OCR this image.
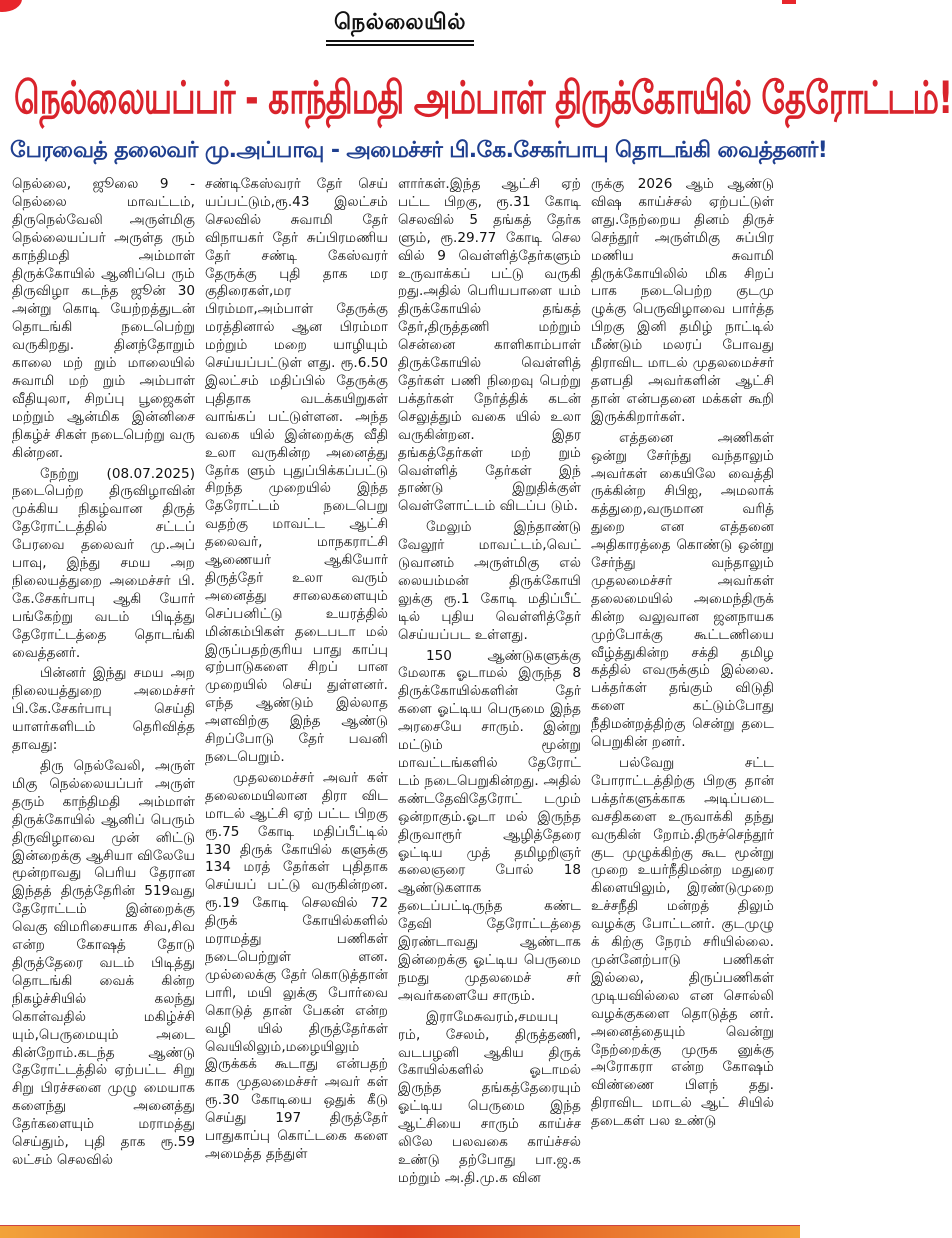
நெல்லையில்
நெல்லையப்பர் - காந்திமதி அம்பாள் திருக்கோயில் தேரோட்டம்!
பேரவைத் தலைவர் மு.அப்பாவு - அமைச்சர் பி.கே.சேகர்பாபு தொடங்கி வைத்தனர்!

நெல்லை, ஜூலை 9 - நெல்லை மாவட்டம், திருநெல்வேலி அருள்மிகு நெல்லையப்பர் அருள்த ரும் காந்திமதி அம்மாள் திருக்கோயில் ஆனிப்பெ ரும் திருவிழா கடந்த ஜூன் 30 அன்று கொடி யேற்றத்துடன் தொடங்கி நடைபெற்று வருகிறது. தினந்தோறும் காலை மற் றும் மாலையில் சுவாமி மற் றும் அம்பாள் வீதியுலா, சிறப்பு பூஜைகள் மற்றும் ஆன்மிக இன்னிசை நிகழ்ச் சிகள் நடைபெற்று வரு கின்றன.

நேற்று (08.07.2025) நடைபெற்ற திருவிழாவின் முக்கிய நிகழ்வான திருத் தேரோட்டத்தில் சட்டப் பேரவை தலைவர் மு.அப் பாவு, இந்து சமய அற நிலையத்துறை அமைச்சர் பி. கே.சேகர்பாபு ஆகி யோர் பங்கேற்று வடம் பிடித்து தேரோட்டத்தை தொடங்கி வைத்தனர்.

பின்னர் இந்து சமய அற நிலையத்துறை அமைச்சர் பி.கே.சேகர்பாபு செய்தி யாளர்களிடம் தெரிவித்த தாவது:

திரு நெல்வேலி, அருள் மிகு நெல்லையப்பர் அருள் தரும் காந்திமதி அம்மாள் திருக்கோயில் ஆனிப் பெரும் திருவிழாவை முன் னிட்டு இன்றைக்கு ஆசியா விலேயே மூன்றாவது பெரிய தேரான இந்தத் திருத்தேரின் 519வது தேரோட்டம் இன்றைக்கு வெகு விமரிசையாக சிவ,சிவ என்ற கோஷத் தோடு திருத்தேரை வடம் பிடித்து தொடங்கி வைக் கின்ற நிகழ்ச்சியில் கலந்து கொள்வதில் மகிழ்ச்சி யும்,பெருமையும் அடை கின்றோம்.கடந்த ஆண்டு தேரோட்டத்தில் ஏற்பட்ட சிறு சிறு பிரச்சனை முழு மையாக களைந்து அனைத்து தேர்களையும் மராமத்து செய்தும், புதி தாக ரூ.59 லட்சம் செலவில்

சண்டிகேஸ்வரர் தேர் செய் யப்பட்டும்,ரூ.43 இலட்சம் செலவில் சுவாமி தேர் விநாயகர் தேர் சுப்பிரமணிய தேர் சண்டி கேஸ்வரர் தேருக்கு புதி தாக மர குதிரைகள்,மர பிரம்மா,அம்பாள் தேருக்கு மரத்தினால் ஆன பிரம்மா மற்றும் மறை யாழியும் செய்யப்பட்டுள் ளது. ரூ.6.50 இலட்சம் மதிப்பில் தேருக்கு புதிதாக வடக்கயிறுகள் வாங்கப் பட்டுள்ளன. அந்த வகை யில் இன்றைக்கு வீதி உலா வருகின்ற அனைத்து தேர்க ளும் புதுப்பிக்கப்பட்டு சிறந்த முறையில் இந்த தேரோட்டம் நடைபெறு வதற்கு மாவட்ட ஆட்சி தலைவர், மாநகராட்சி ஆணையர் ஆகியோர் திருத்தேர் உலா வரும் அனைத்து சாலைகளையும் செப்பனிட்டு உயரத்தில் மின்கம்பிகள் தடைபடா மல் இருப்பதற்குரிய பாது காப்பு ஏற்பாடுகளை சிறப் பான முறையில் செய் துள்ளனர். எந்த ஆண்டும் இல்லாத அளவிற்கு இந்த ஆண்டு சிறப்போடு தேர் பவனி நடைபெறும்.

முதலமைச்சர் அவர் கள் தலைமையிலான திரா விட மாடல் ஆட்சி ஏற் பட்ட பிறகு ரூ.75 கோடி மதிப்பீட்டில் 130 திருக் கோயில் களுக்கு 134 மரத் தேர்கள் புதிதாக செய்யப் பட்டு வருகின்றன. ரூ.19 கோடி செலவில் 72 திருக் கோயில்களில் மராமத்து பணிகள் நடைபெற்றுள் ளன. முல்லைக்கு தேர் கொடுத்தான் பாரி, மயி லுக்கு போர்வை கொடுத் தான் பேகன் என்ற வழி யில் திருத்தேர்கள் வெயிலிலும்,மழையிலும் இருக்கக் கூடாது என்பதற் காக முதலமைச்சர் அவர் கள் ரூ.30 கோடியை ஒதுக் கீடு செய்து 197 திருத்தேர் பாதுகாப்பு கொட்டகை களை அமைத்த தந்துள்

ளார்கள்.இந்த ஆட்சி ஏற் பட்ட பிறகு, ரூ.31 கோடி செலவில் 5 தங்கத் தேர்க ளும், ரூ.29.77 கோடி செல வில் 9 வெள்ளித்தேர்களும் உருவாக்கப் பட்டு வருகி றது.அதில் பெரியபாளை யம் திருக்கோயில் தங்கத் தேர்,திருத்தணி மற்றும் சென்னை காளிகாம்பாள் திருக்கோயில் வெள்ளித் தேர்கள் பணி நிறைவு பெற்று பக்தர்கள் நேர்த்திக் கடன் செலுத்தும் வகை யில் உலா வருகின்றன. இதர தங்கத்தேர்கள் மற் றும் வெள்ளித் தேர்கள் இந் தாண்டு இறுதிக்குள் வெள்ளோட்டம் விடப்ப டும்.

மேலும் இந்தாண்டு வேலூர் மாவட்டம்,வெட் டுவானம் அருள்மிகு எல் லையம்மன் திருக்கோயி லுக்கு ரூ.1 கோடி மதிப்பீட் டில் புதிய வெள்ளித்தேர் செய்யப்பட உள்ளது.

150 ஆண்டுகளுக்கு மேலாக ஓடாமல் இருந்த 8 திருக்கோயில்களின் தேர் களை ஓட்டிய பெருமை இந்த அரசையே சாரும். இன்று மட்டும் மூன்று மாவட்டங்களில் தேரோட் டம் நடைபெறுகின்றது. அதில் கண்டதேவிதேரோட் டமும் ஒன்றாகும்.ஓடா மல் இருந்த திருவாரூர் ஆழித்தேரை ஓட்டிய முத் தமிழறிஞர் கலைஞரை போல் 18 ஆண்டுகளாக தடைப்பட்டிருந்த கண்ட தேவி தேரோட்டத்தை இரண்டாவது ஆண்டாக இன்றைக்கு ஓட்டிய பெருமை நமது முதலமைச் சர் அவர்களையே சாரும்.

இராமேசுவரம்,சமயபு ரம், சேலம், திருத்தணி, வடபழனி ஆகிய திருக் கோயில்களில் ஓடாமல் இருந்த தங்கத்தேரையும் ஓட்டிய பெருமை இந்த ஆட்சியை சாரும் காய்ச்ச லிலே பலவகை காய்ச்சல் உண்டு தற்போது பா.ஜ.க மற்றும் அ.தி.மு.க வின

ருக்கு 2026 ஆம் ஆண்டு விஷ காய்ச்சல் ஏற்பட்டுள் ளது.நேற்றைய தினம் திருச் செந்தூர் அருள்மிகு சுப்பிர மணிய சுவாமி திருக்கோயிலில் மிக சிறப் பாக நடைபெற்ற குடமு ழுக்கு பெருவிழாவை பார்த்த பிறகு இனி தமிழ் நாட்டில் மீண்டும் மலரப் போவது திராவிட மாடல் முதலமைச்சர் தளபதி அவர்களின் ஆட்சி தான் என்பதனை மக்கள் கூறி இருக்கிறார்கள்.

எத்தனை அணிகள் ஒன்று சேர்ந்து வந்தாலும் அவர்கள் கையிலே வைத்தி ருக்கின்ற சிபிஐ, அமலாக் கத்துறை,வருமான வரித் துறை என எத்தனை அதிகாரத்தை கொண்டு ஒன்று சேர்ந்து வந்தாலும் முதலமைச்சர் அவர்கள் தலைமையில் அமைந்திருக் கின்ற வலுவான ஜனநாயக முற்போக்கு கூட்டணியை வீழ்த்துகின்ற சக்தி தமிழ கத்தில் எவருக்கும் இல்லை. பக்தர்கள் தங்கும் விடுதி களை கட்டும்போது நீதிமன்றத்திற்கு சென்று தடை பெறுகின் றனர்.

பல்வேறு சட்ட போராட்டத்திற்கு பிறகு தான் பக்தர்களுக்காக அடிப்படை வசதிகளை உருவாக்கி தந்து வருகின் றோம்.திருச்செந்தூர் குட முழுக்கிற்கு கூட மூன்று முறை உயர்நீதிமன்ற மதுரை கிளையிலும், இரண்டுமுறை உச்சநீதி மன்றத் திலும் வழக்கு போட்டனர். குடமுழு க் கிற்கு நேரம் சரியில்லை. முன்னேற்பாடு பணிகள் இல்லை, திருப்பணிகள் முடியவில்லை என சொல்லி வழக்குகளை தொடுத்த னர். அனைத்தையும் வென்று நேற்றைக்கு முருக னுக்கு அரோகரா என்ற கோஷம் விண்ணை பிளந் தது. திராவிட மாடல் ஆட் சியில் தடைகள் பல உண்டு
